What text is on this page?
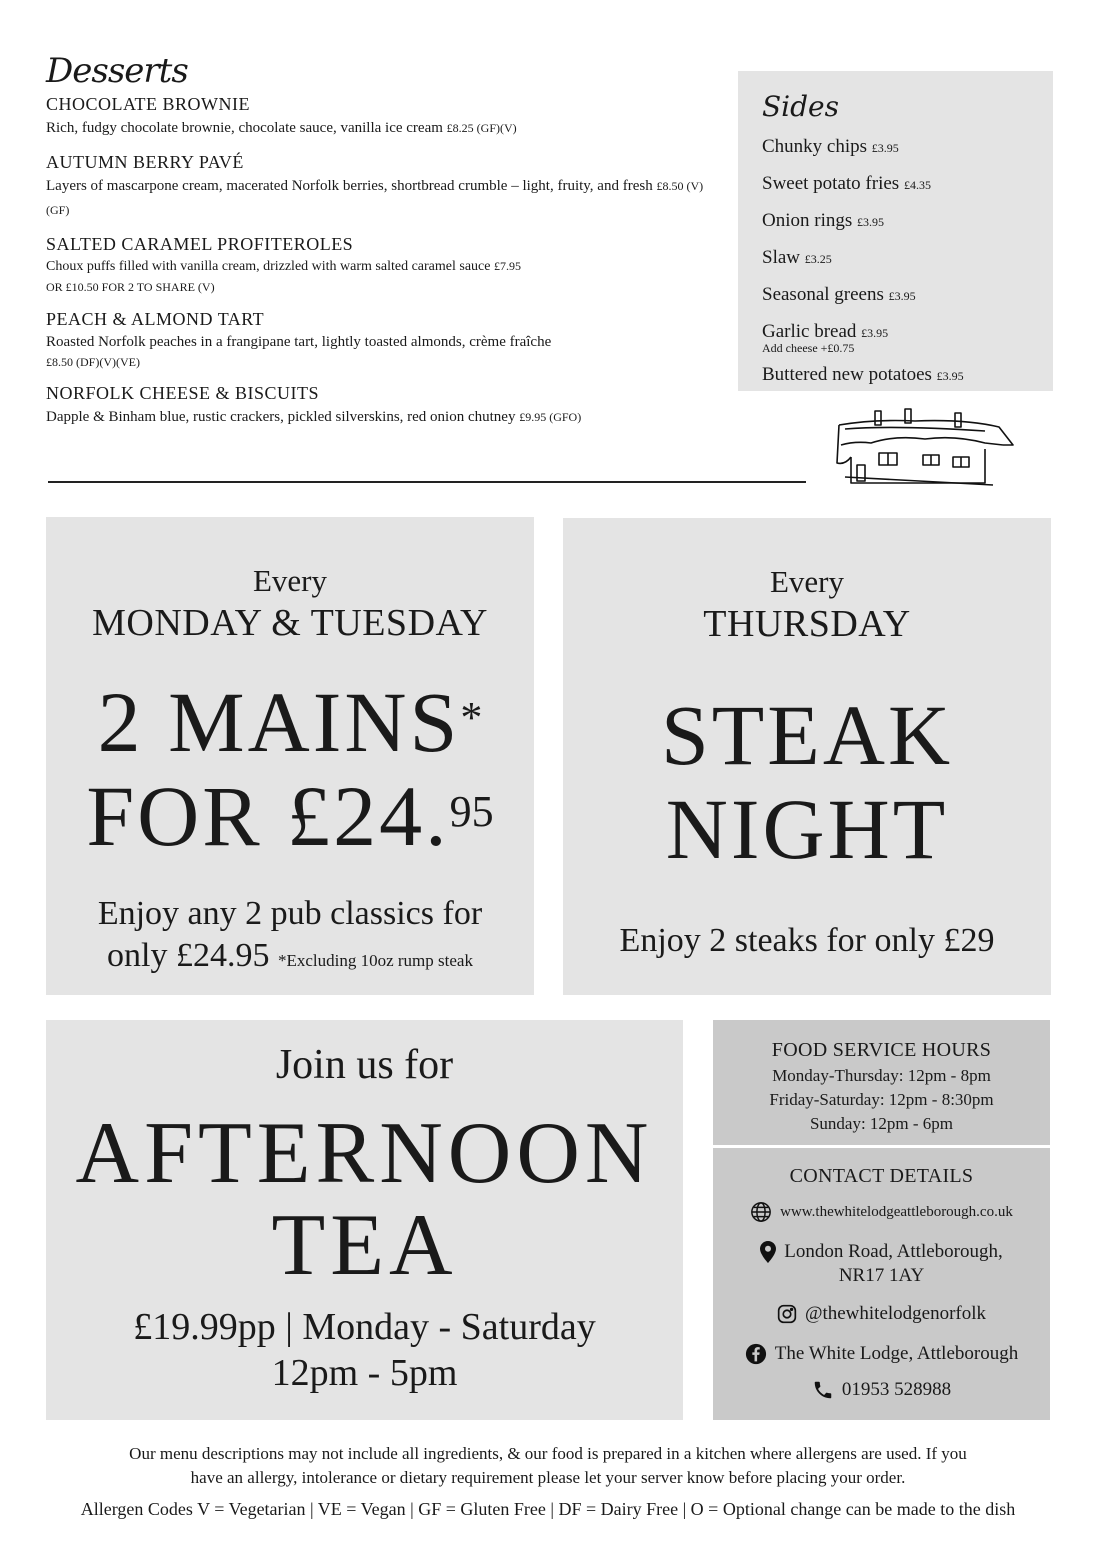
Desserts
CHOCOLATE BROWNIE
Rich, fudgy chocolate brownie, chocolate sauce, vanilla ice cream £8.25 (GF)(V)
AUTUMN BERRY PAVÉ
Layers of mascarpone cream, macerated Norfolk berries, shortbread crumble – light, fruity, and fresh £8.50 (V)(GF)
SALTED CARAMEL PROFITEROLES
Choux puffs filled with vanilla cream, drizzled with warm salted caramel sauce £7.95
OR £10.50 FOR 2 TO SHARE (V)
PEACH & ALMOND TART
Roasted Norfolk peaches in a frangipane tart, lightly toasted almonds, crème fraîche
£8.50 (DF)(V)(VE)
NORFOLK CHEESE & BISCUITS
Dapple & Binham blue, rustic crackers, pickled silverskins, red onion chutney £9.95 (GFO)
Sides
Chunky chips £3.95
Sweet potato fries £4.35
Onion rings £3.95
Slaw £3.25
Seasonal greens £3.95
Garlic bread £3.95
Add cheese +£0.75
Buttered new potatoes £3.95
Every
MONDAY & TUESDAY
2 MAINS*
FOR £24.95
Enjoy any 2 pub classics for
only £24.95 *Excluding 10oz rump steak
Every
THURSDAY
STEAK
NIGHT
Enjoy 2 steaks for only £29
Join us for
AFTERNOON
TEA
£19.99pp | Monday - Saturday
12pm - 5pm
FOOD SERVICE HOURS
Monday-Thursday: 12pm - 8pm
Friday-Saturday: 12pm - 8:30pm
Sunday: 12pm - 6pm
CONTACT DETAILS
www.thewhitelodgeattleborough.co.uk
London Road, Attleborough,
NR17 1AY
@thewhitelodgenorfolk
The White Lodge, Attleborough
01953 528988
Our menu descriptions may not include all ingredients, & our food is prepared in a kitchen where allergens are used. If you
have an allergy, intolerance or dietary requirement please let your server know before placing your order.
Allergen Codes V = Vegetarian | VE = Vegan | GF = Gluten Free | DF = Dairy Free | O = Optional change can be made to the dish
